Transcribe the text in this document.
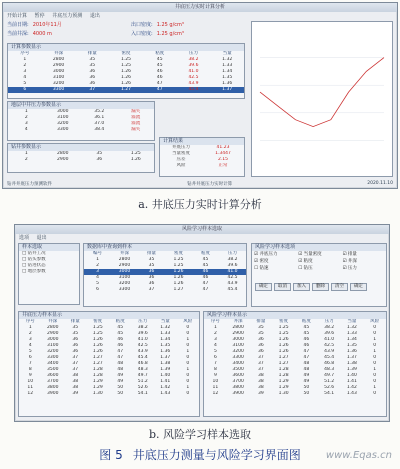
井底压力实时计算分析
开始计算 暂停 井底压力预测 退出
当前日期: 2010年11月
当前井深: 4000 m
出口密度: 1.25 g/cm³
入口密度: 1.25 g/cm³
计算参数显示
序号	井深	排量	密度	粘度	压力	当量
1	2800	35	1.25	45	38.2	1.32
2	2900	35	1.25	45	39.6	1.33
3	3000	36	1.26	46	41.0	1.34
4	3100	36	1.26	46	42.5	1.35
5	3200	36	1.26	47	43.9	1.36
6	3300	37	1.27	47	45.4	1.37
地层中井压力参数显示
1	3000	35.2	漏失
2	3100	36.1	溢流
3	3200	37.0	溢流
4	3300	38.4	漏失
钻井参数显示
1	2800	35	1.25
2	2900	36	1.26
计算结果
井底压力	41.23
当量密度	1.3447
压差	2.15
风险	正常
钻井井底压力预测软件	钻井井底压力实时计算	2020.11.10
a. 井底压力实时计算分析
风险学习样本选取
选项 退出
样本选取
□ 钻井工况
□ 钻头参数
□ 钻进状态
□ 地层参数
数据库中查询到样本
编号	井深	排量	密度	粘度	压力
1	2800	35	1.25	45	38.2
2	2900	35	1.25	45	39.6
3	3000	36	1.26	46	41.0
4	3100	36	1.26	46	42.5
5	3200	36	1.26	47	43.9
6	3300	37	1.27	47	45.4
风险学习样本选项
☑ 井底压力	☑ 当量密度	☑ 排量
☑ 密度	☑ 粘度	☑ 井深
☐ 钻速	☐ 钻压	☑ 压力
确定 取消 加入 删除 清空 确定
井底压力样本显示
序号	井深	排量	密度	粘度	压力	当量	风险
1	2800	35	1.25	45	38.2	1.32	0
2	2900	35	1.25	45	39.6	1.33	0
3	3000	36	1.26	46	41.0	1.34	1
4	3100	36	1.26	46	42.5	1.35	0
5	3200	36	1.26	47	43.9	1.36	1
6	3300	37	1.27	47	45.4	1.37	0
7	3400	37	1.27	48	46.8	1.38	0
8	3500	37	1.28	48	48.3	1.39	1
9	3600	38	1.28	49	49.7	1.40	0
10	3700	38	1.29	49	51.2	1.41	0
11	3800	38	1.29	50	52.6	1.42	1
12	3900	39	1.30	50	54.1	1.43	0
风险学习样本显示
序号	井深	排量	密度	粘度	压力	当量	风险
1	2800	35	1.25	45	38.2	1.32	0
2	2900	35	1.25	45	39.6	1.33	0
3	3000	36	1.26	46	41.0	1.34	1
4	3100	36	1.26	46	42.5	1.35	0
5	3200	36	1.26	47	43.9	1.36	1
6	3300	37	1.27	47	45.4	1.37	0
7	3400	37	1.27	48	46.8	1.38	0
8	3500	37	1.28	48	48.3	1.39	1
9	3600	38	1.28	49	49.7	1.40	0
10	3700	38	1.29	49	51.2	1.41	0
11	3800	38	1.29	50	52.6	1.42	1
12	3900	39	1.30	50	54.1	1.43	0
b. 风险学习样本选取
图 5 井底压力测量与风险学习界面图	www.Eqas.cn
